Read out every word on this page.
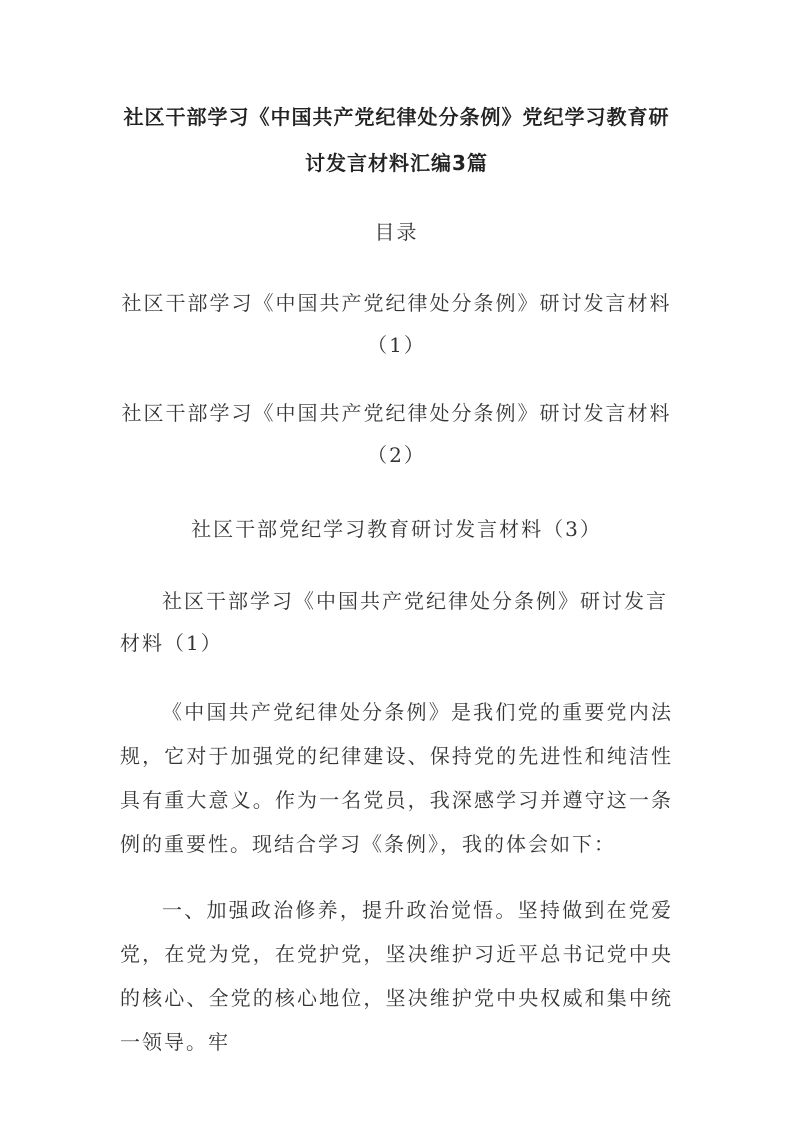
社区干部学习《中国共产党纪律处分条例》党纪学习教育研讨发言材料汇编3篇

目录

社区干部学习《中国共产党纪律处分条例》研讨发言材料（1）

社区干部学习《中国共产党纪律处分条例》研讨发言材料（2）

社区干部党纪学习教育研讨发言材料（3）

社区干部学习《中国共产党纪律处分条例》研讨发言材料（1）

《中国共产党纪律处分条例》是我们党的重要党内法规，它对于加强党的纪律建设、保持党的先进性和纯洁性具有重大意义。作为一名党员，我深感学习并遵守这一条例的重要性。现结合学习《条例》，我的体会如下：

一、加强政治修养，提升政治觉悟。坚持做到在党爱党，在党为党，在党护党，坚决维护习近平总书记党中央的核心、全党的核心地位，坚决维护党中央权威和集中统一领导。牢
